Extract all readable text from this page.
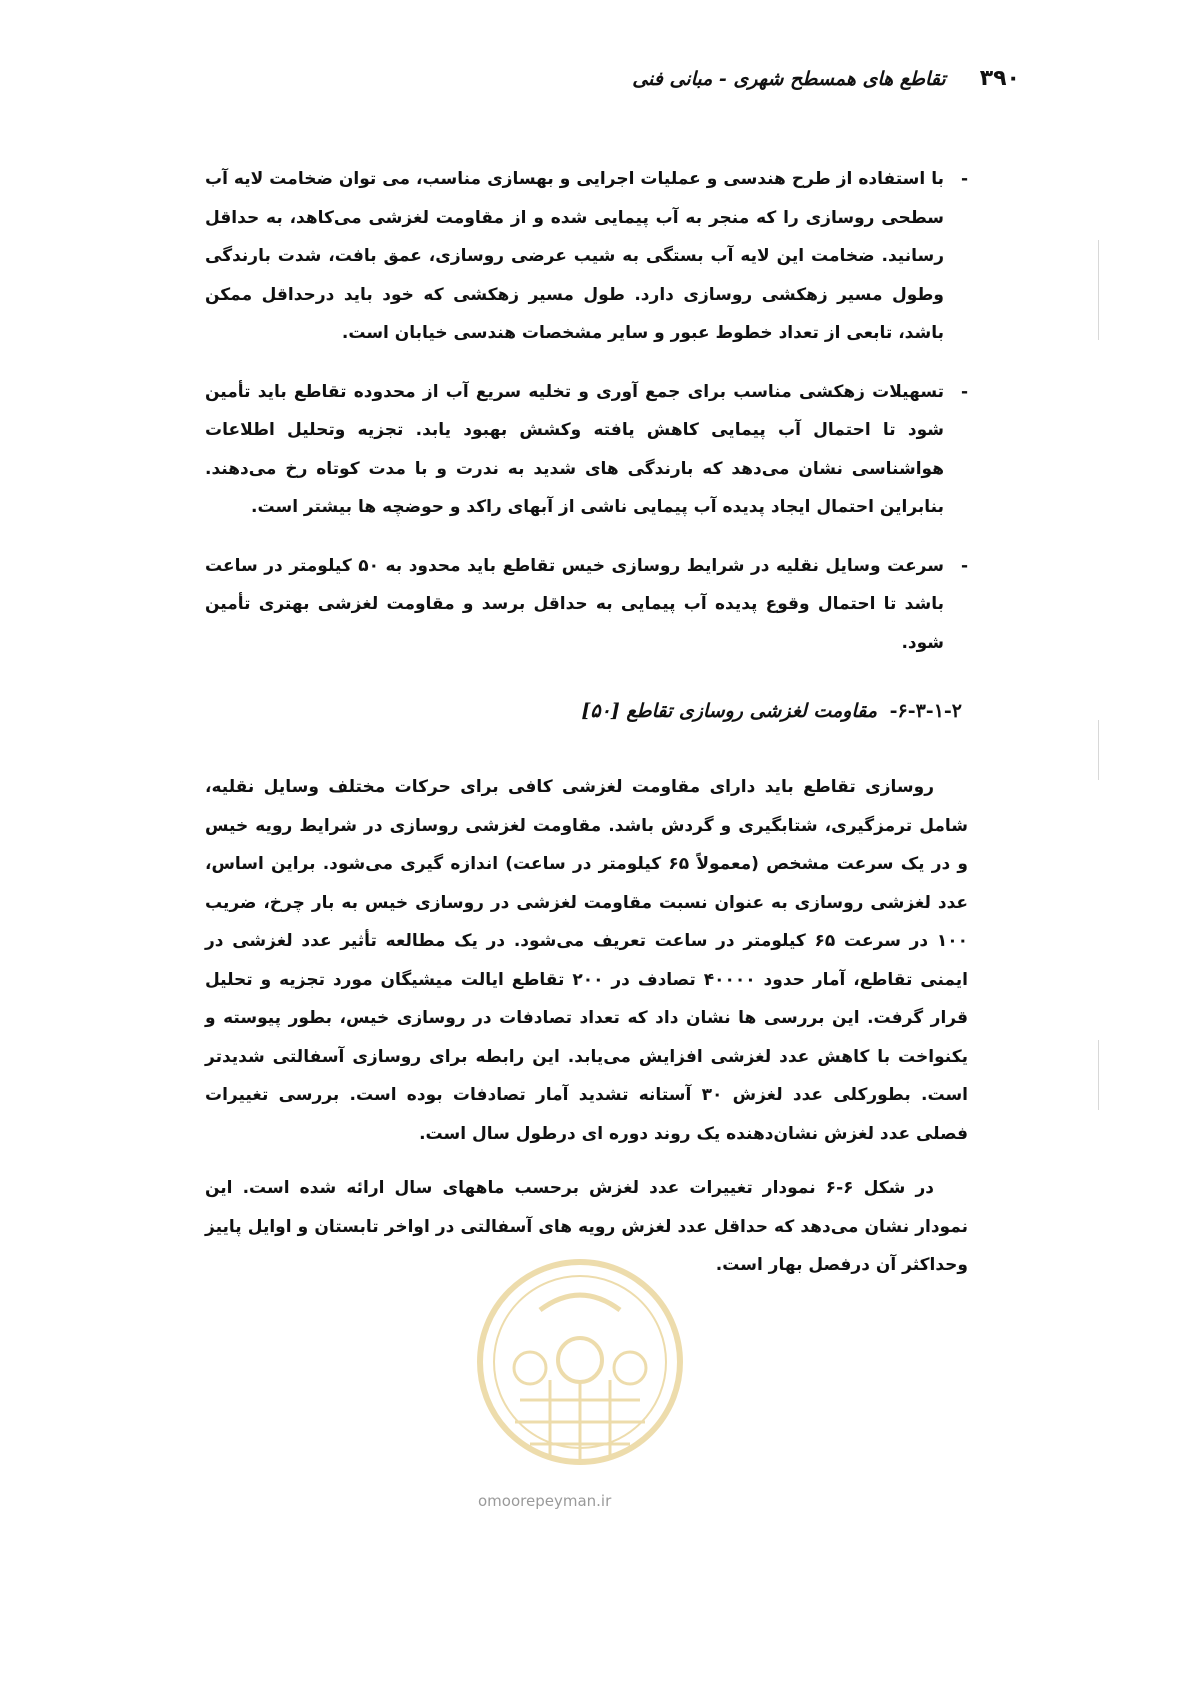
۳۹۰
تقاطع های همسطح شهری - مبانی فنی
-
با استفاده از طرح هندسی و عملیات اجرایی و بهسازی مناسب، می توان ضخامت لایه آب سطحی روسازی را که منجر به آب پیمایی شده و از مقاومت لغزشی می‌کاهد، به حداقل رسانید. ضخامت این لایه آب بستگی به شیب عرضی روسازی، عمق بافت، شدت بارندگی وطول مسیر زهکشی روسازی دارد. طول مسیر زهکشی که خود باید درحداقل ممکن باشد، تابعی از تعداد خطوط عبور و سایر مشخصات هندسی خیابان است.
-
تسهیلات زهکشی مناسب برای جمع آوری و تخلیه سریع آب از محدوده تقاطع باید تأمین شود تا احتمال آب پیمایی کاهش یافته وکشش بهبود یابد. تجزیه وتحلیل اطلاعات هواشناسی نشان می‌دهد که بارندگی های شدید به ندرت و با مدت کوتاه رخ می‌دهند. بنابراین احتمال ایجاد پدیده آب پیمایی ناشی از آبهای راکد و حوضچه ها بیشتر است.
-
سرعت وسایل نقلیه در شرایط روسازی خیس تقاطع باید محدود به ۵۰ کیلومتر در ساعت باشد تا احتمال وقوع پدیده آب پیمایی به حداقل برسد و مقاومت لغزشی بهتری تأمین شود.
۶-۳-۱-۲- مقاومت لغزشی روسازی تقاطع [۵۰]

روسازی تقاطع باید دارای مقاومت لغزشی کافی برای حرکات مختلف وسایل نقلیه، شامل ترمزگیری، شتابگیری و گردش باشد. مقاومت لغزشی روسازی در شرایط رویه خیس و در یک سرعت مشخص (معمولاً ۶۵ کیلومتر در ساعت) اندازه گیری می‌شود. براین اساس، عدد لغزشی روسازی به عنوان نسبت مقاومت لغزشی در روسازی خیس به بار چرخ، ضریب ۱۰۰ در سرعت ۶۵ کیلومتر در ساعت تعریف می‌شود. در یک مطالعه تأثیر عدد لغزشی در ایمنی تقاطع، آمار حدود ۴۰۰۰۰ تصادف در ۲۰۰ تقاطع ایالت میشیگان مورد تجزیه و تحلیل قرار گرفت. این بررسی ها نشان داد که تعداد تصادفات در روسازی خیس، بطور پیوسته و یکنواخت با کاهش عدد لغزشی افزایش می‌یابد. این رابطه برای روسازی آسفالتی شدیدتر است. بطورکلی عدد لغزش ۳۰ آستانه تشدید آمار تصادفات بوده است. بررسی تغییرات فصلی عدد لغزش نشان‌دهنده یک روند دوره ای درطول سال است.

در شکل ۶-۶ نمودار تغییرات عدد لغزش برحسب ماههای سال ارائه شده است. این نمودار نشان می‌دهد که حداقل عدد لغزش رویه های آسفالتی در اواخر تابستان و اوایل پاییز وحداکثر آن درفصل بهار است.

omoorepeyman.ir
